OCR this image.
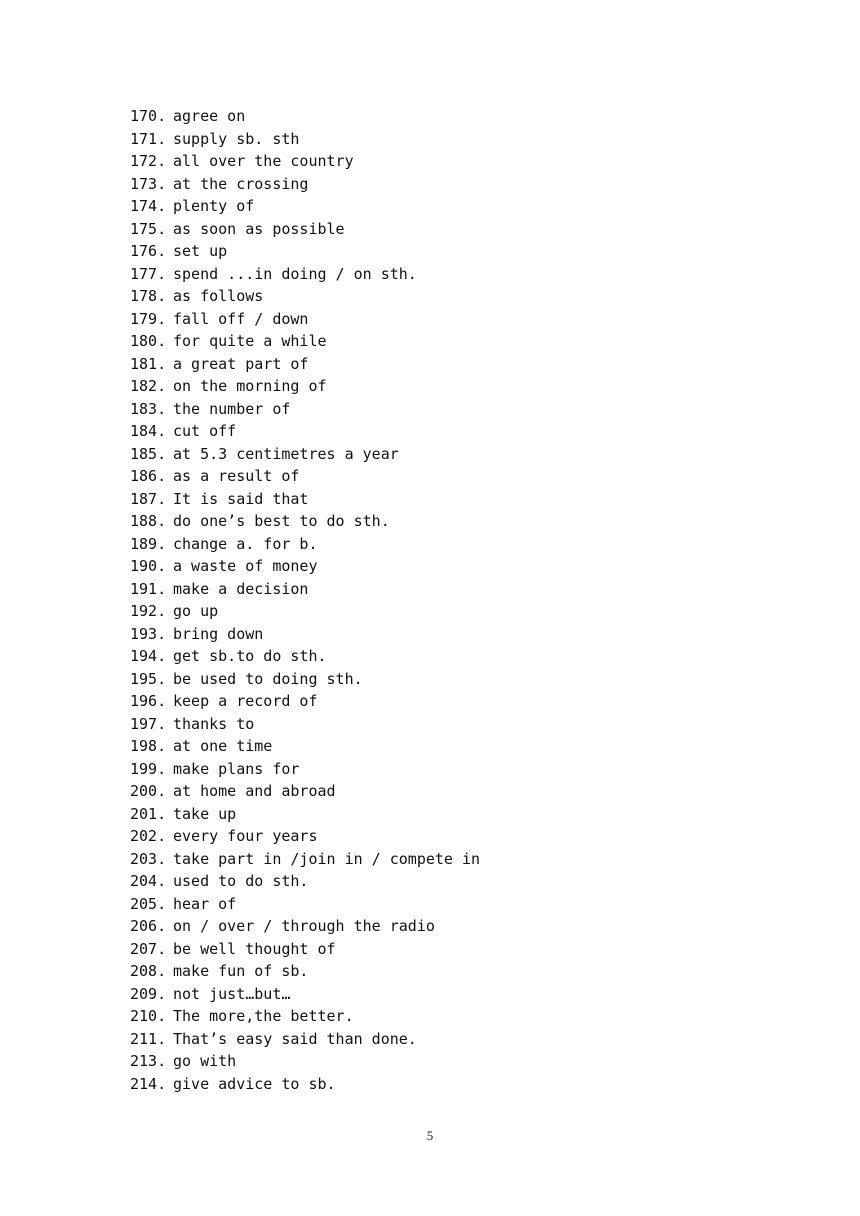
170. agree on
171. supply sb. sth
172. all over the country
173. at the crossing
174. plenty of
175. as soon as possible
176. set up
177. spend ...in doing / on sth.
178. as follows
179. fall off / down
180. for quite a while
181. a great part of
182. on the morning of
183. the number of
184. cut off
185. at 5.3 centimetres a year
186. as a result of
187. It is said that
188. do one’s best to do sth.
189. change a. for b.
190. a waste of money
191. make a decision
192. go up
193. bring down
194. get sb.to do sth.
195. be used to doing sth.
196. keep a record of
197. thanks to
198. at one time
199. make plans for
200. at home and abroad
201. take up
202. every four years
203. take part in /join in / compete in
204. used to do sth.
205. hear of
206. on / over / through the radio
207. be well thought of
208. make fun of sb.
209. not just…but…
210. The more,the better.
211. That’s easy said than done.
213. go with
214. give advice to sb.
5
